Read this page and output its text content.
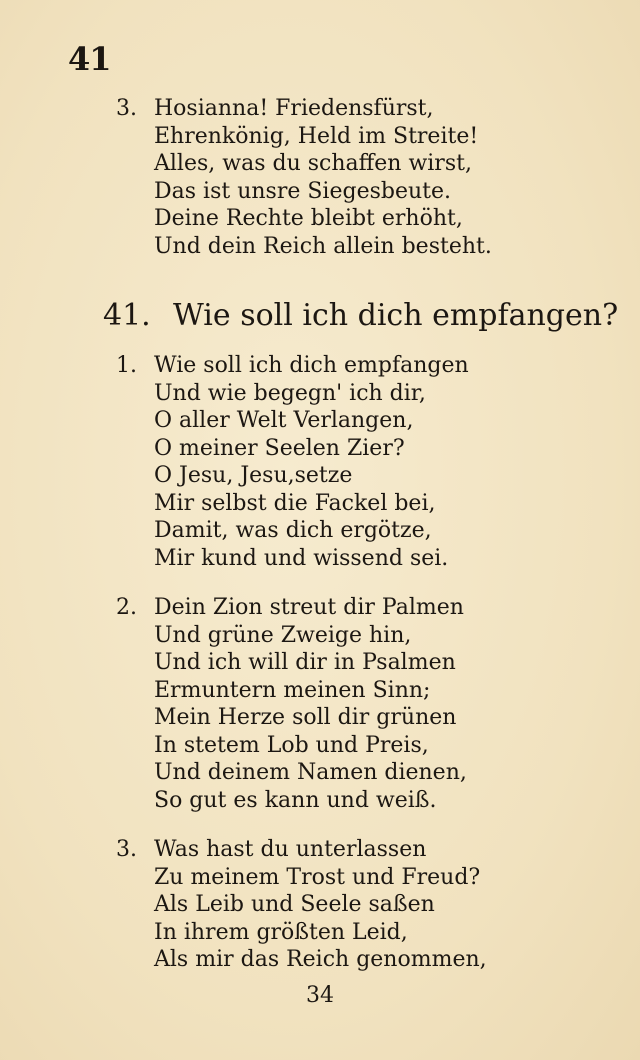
41
3. Hosianna! Friedensfürst,
Ehrenkönig, Held im Streite!
Alles, was du schaffen wirst,
Das ist unsre Siegesbeute.
Deine Rechte bleibt erhöht,
Und dein Reich allein besteht.
41. Wie soll ich dich empfangen?
1. Wie soll ich dich empfangen
Und wie begegn' ich dir,
O aller Welt Verlangen,
O meiner Seelen Zier?
O Jesu, Jesu,setze
Mir selbst die Fackel bei,
Damit, was dich ergötze,
Mir kund und wissend sei.
2. Dein Zion streut dir Palmen
Und grüne Zweige hin,
Und ich will dir in Psalmen
Ermuntern meinen Sinn;
Mein Herze soll dir grünen
In stetem Lob und Preis,
Und deinem Namen dienen,
So gut es kann und weiß.
3. Was hast du unterlassen
Zu meinem Trost und Freud?
Als Leib und Seele saßen
In ihrem größten Leid,
Als mir das Reich genommen,
34
